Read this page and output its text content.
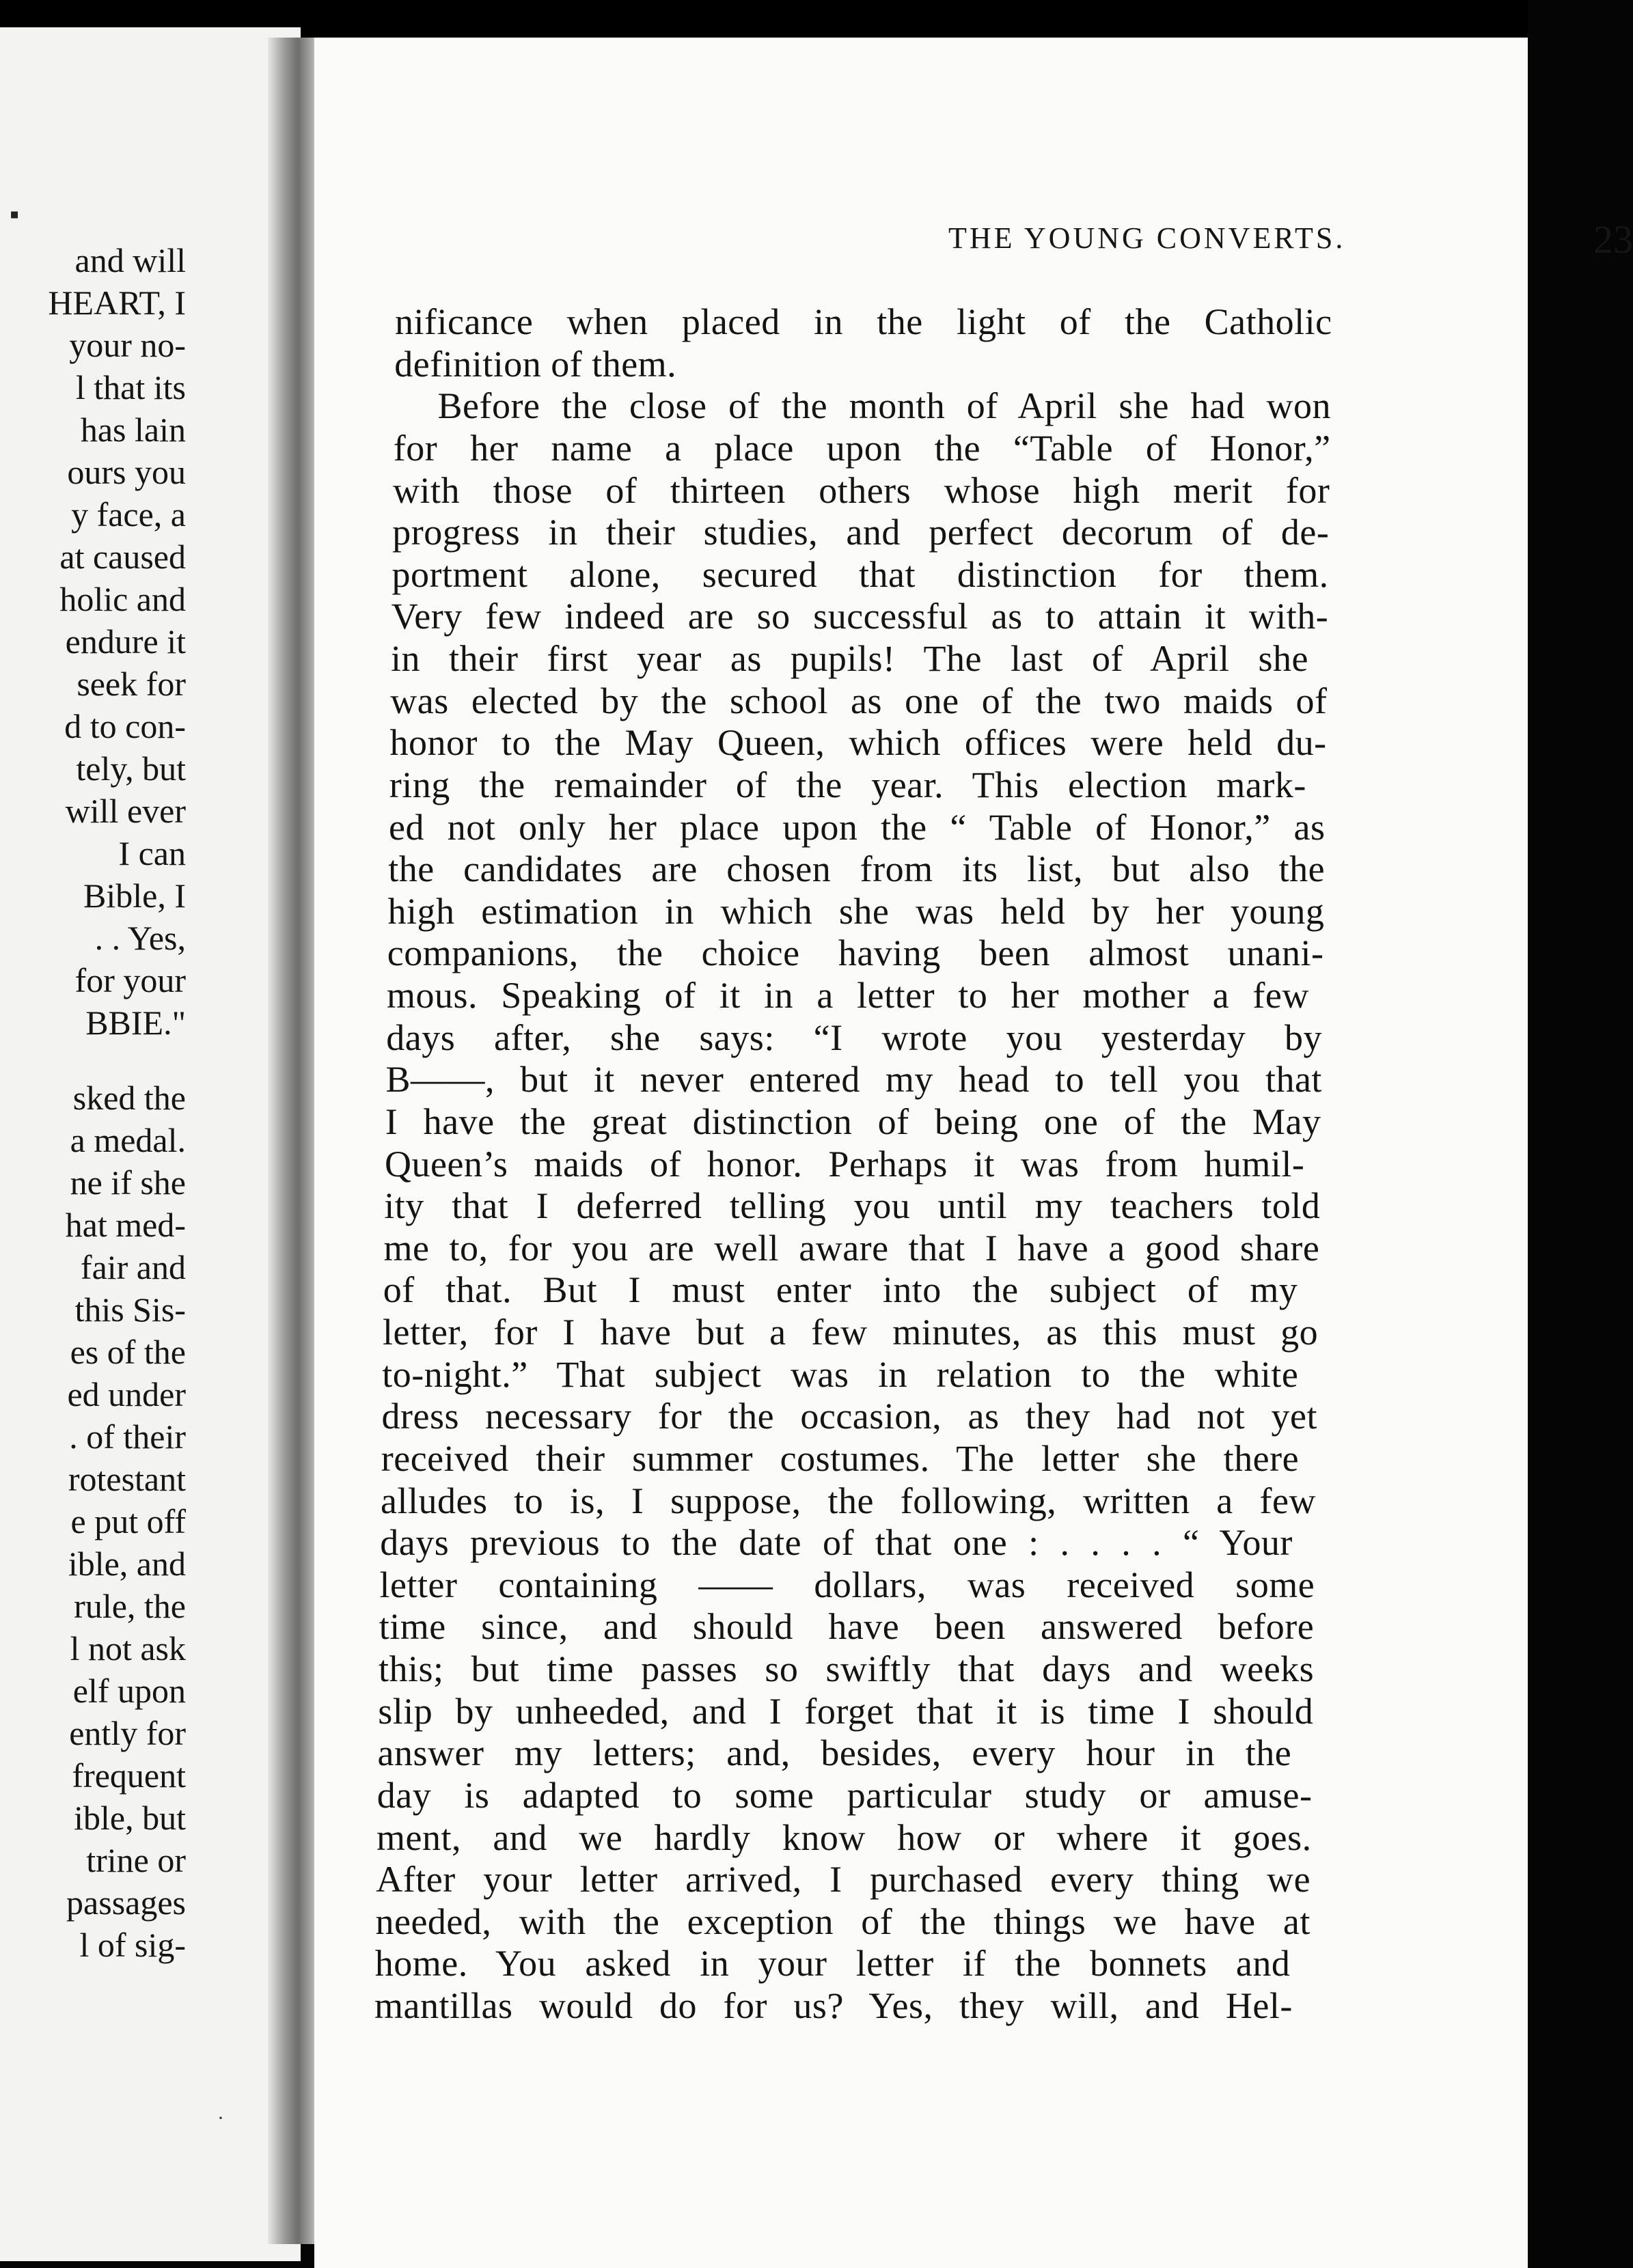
▪
and will
HEART, I
your no-
l that its
has lain
ours you
y face, a
at caused
holic and
endure it
seek for
d to con-
tely, but
will ever
I can
Bible, I
. . Yes,
for your
BBIE."
sked the
a medal.
ne if she
hat med-
fair and
this Sis-
es of the
ed under
. of their
rotestant
e put off
ible, and
rule, the
l not ask
elf upon
ently for
frequent
ible, but
trine or
passages
l of sig-
·
THE YOUNG CONVERTS.	23
nificance when placed in the light of the Catholic
definition of them.
Before the close of the month of April she had won
for her name a place upon the “Table of Honor,”
with those of thirteen others whose high merit for
progress in their studies, and perfect decorum of de-
portment alone, secured that distinction for them.
Very few indeed are so successful as to attain it with-
in their first year as pupils! The last of April she
was elected by the school as one of the two maids of
honor to the May Queen, which offices were held du-
ring the remainder of the year. This election mark-
ed not only her place upon the “ Table of Honor,” as
the candidates are chosen from its list, but also the
high estimation in which she was held by her young
companions, the choice having been almost unani-
mous. Speaking of it in a letter to her mother a few
days after, she says: “I wrote you yesterday by
B——, but it never entered my head to tell you that
I have the great distinction of being one of the May
Queen’s maids of honor. Perhaps it was from humil-
ity that I deferred telling you until my teachers told
me to, for you are well aware that I have a good share
of that. But I must enter into the subject of my
letter, for I have but a few minutes, as this must go
to-night.” That subject was in relation to the white
dress necessary for the occasion, as they had not yet
received their summer costumes. The letter she there
alludes to is, I suppose, the following, written a few
days previous to the date of that one : . . . . “ Your
letter containing —— dollars, was received some
time since, and should have been answered before
this; but time passes so swiftly that days and weeks
slip by unheeded, and I forget that it is time I should
answer my letters; and, besides, every hour in the
day is adapted to some particular study or amuse-
ment, and we hardly know how or where it goes.
After your letter arrived, I purchased every thing we
needed, with the exception of the things we have at
home. You asked in your letter if the bonnets and
mantillas would do for us? Yes, they will, and Hel-
